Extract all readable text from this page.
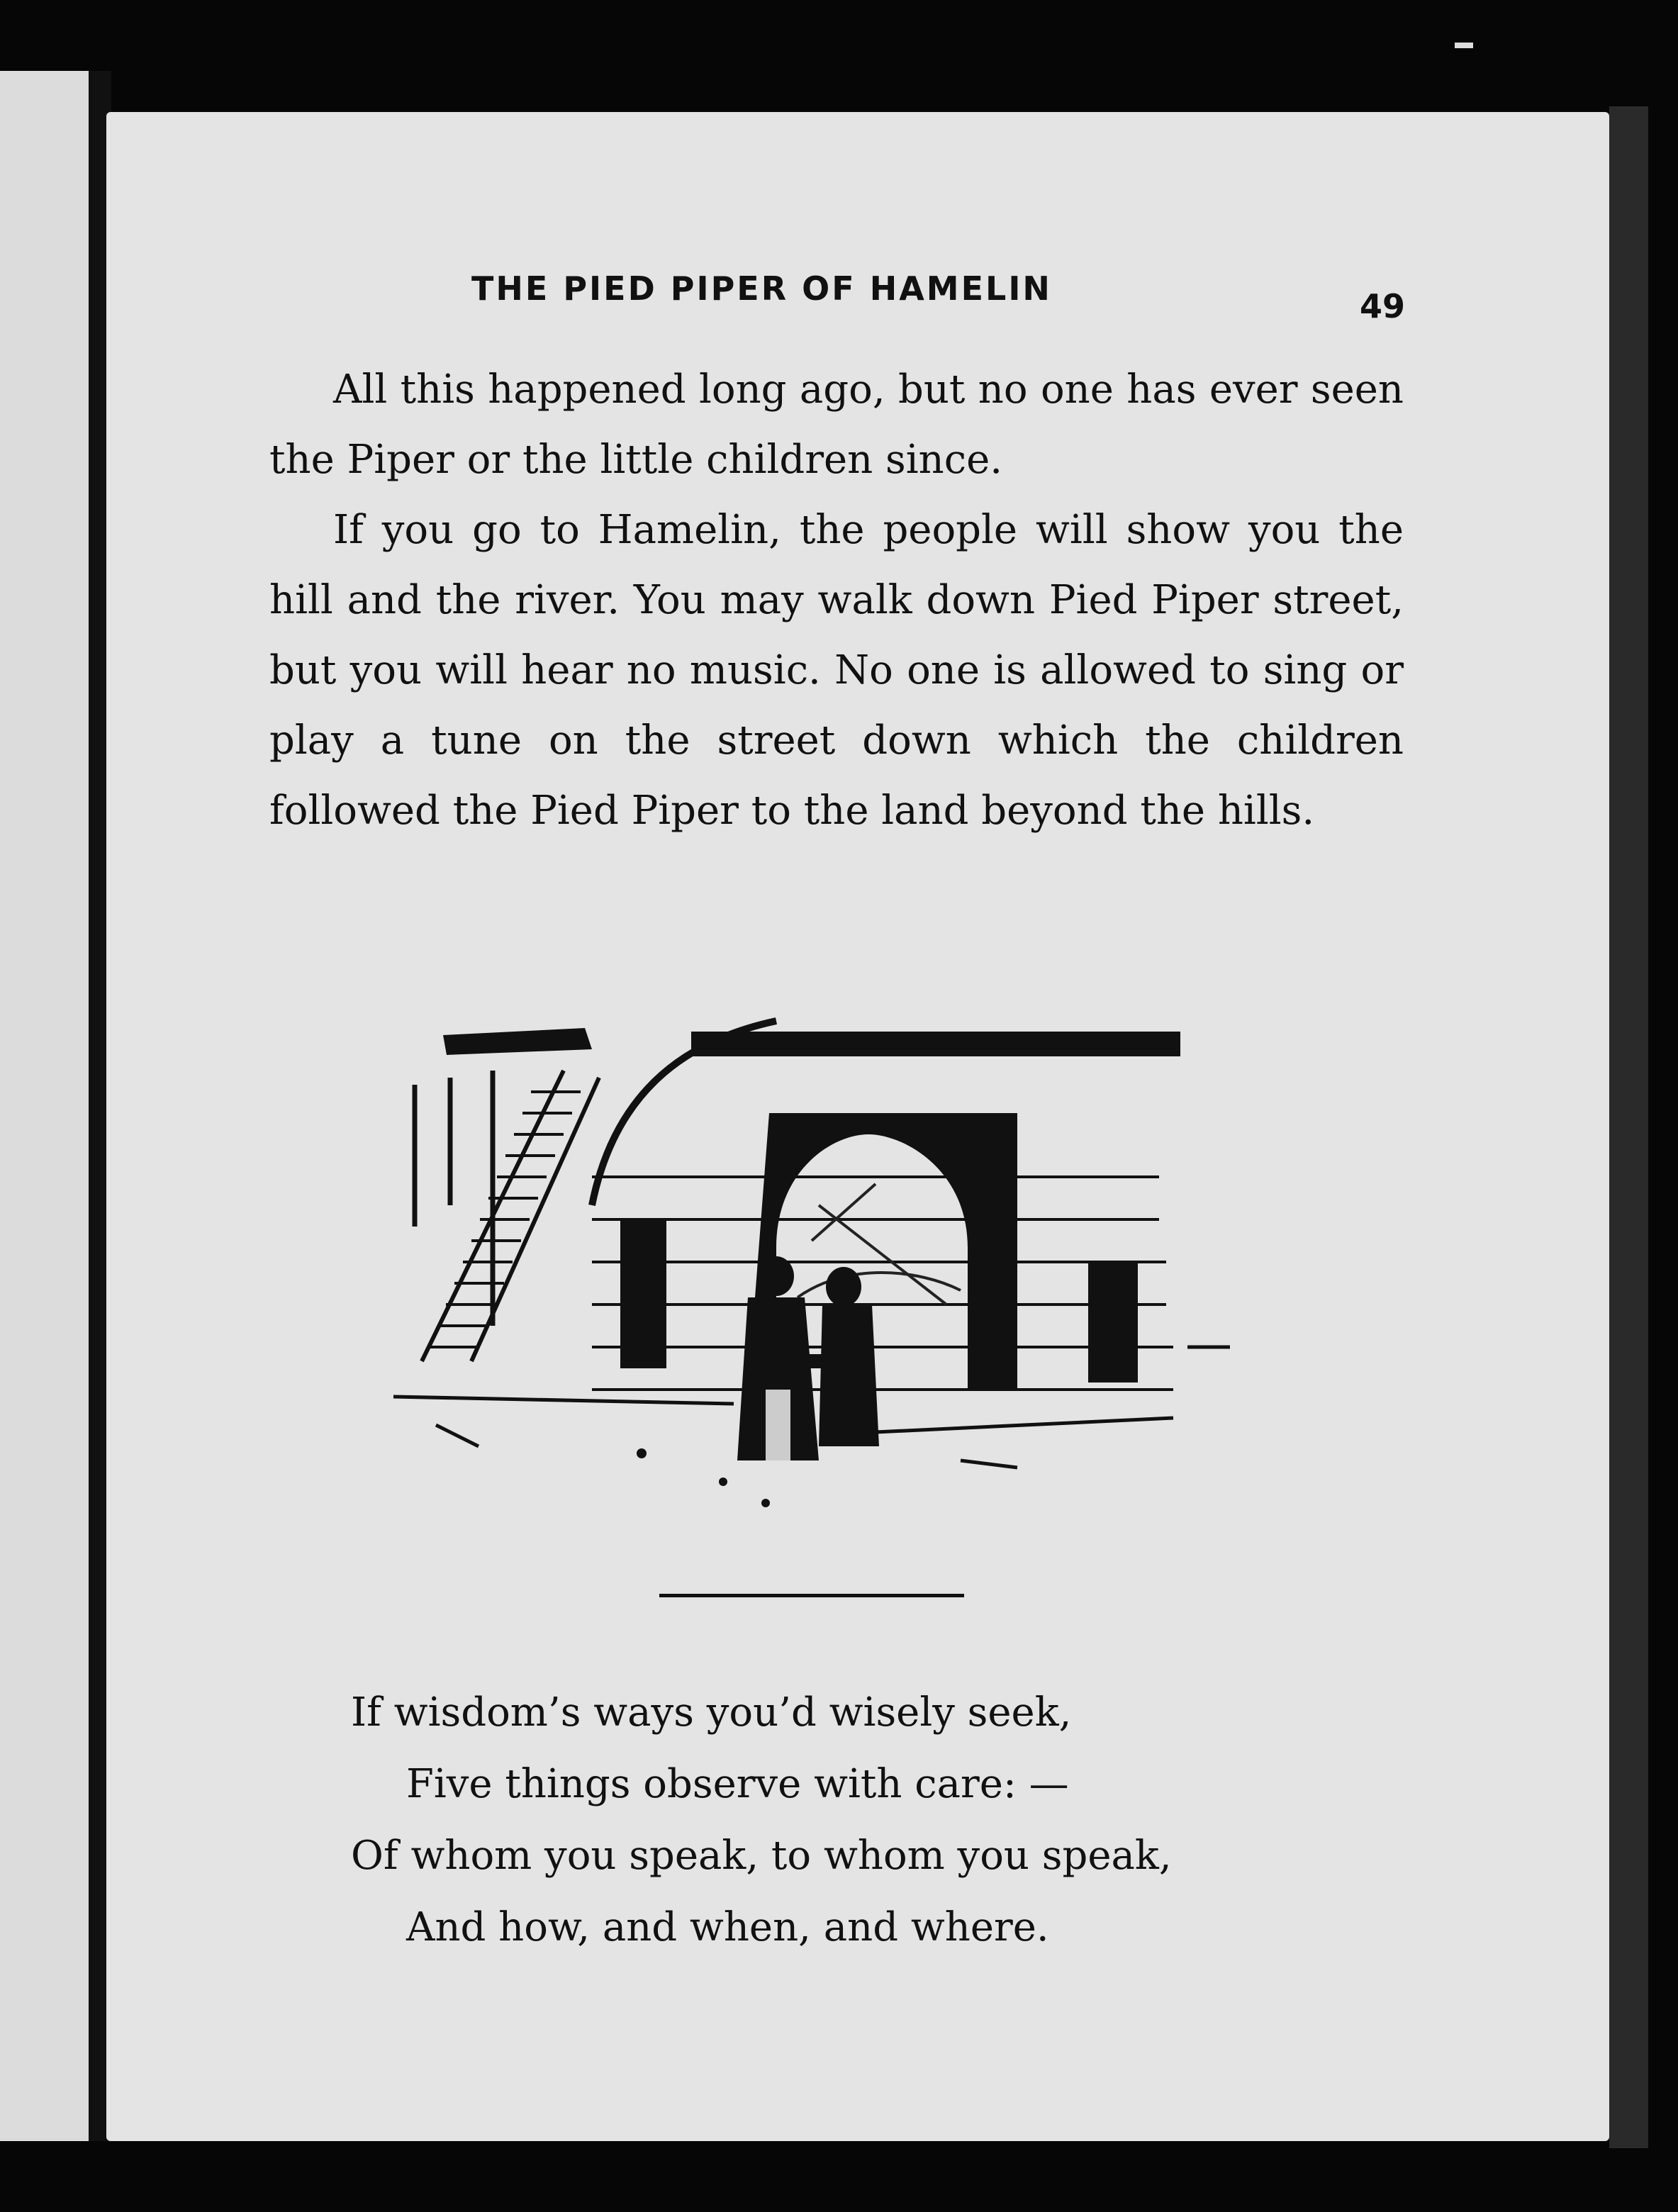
THE PIED PIPER OF HAMELIN	49

All this happened long ago, but no one has ever seen the Piper or the little children since.

If you go to Hamelin, the people will show you the hill and the river. You may walk down Pied Piper street, but you will hear no music. No one is allowed to sing or play a tune on the street down which the children followed the Pied Piper to the land beyond the hills.

If wisdom’s ways you’d wisely seek,
Five things observe with care: —
Of whom you speak, to whom you speak,
And how, and when, and where.
